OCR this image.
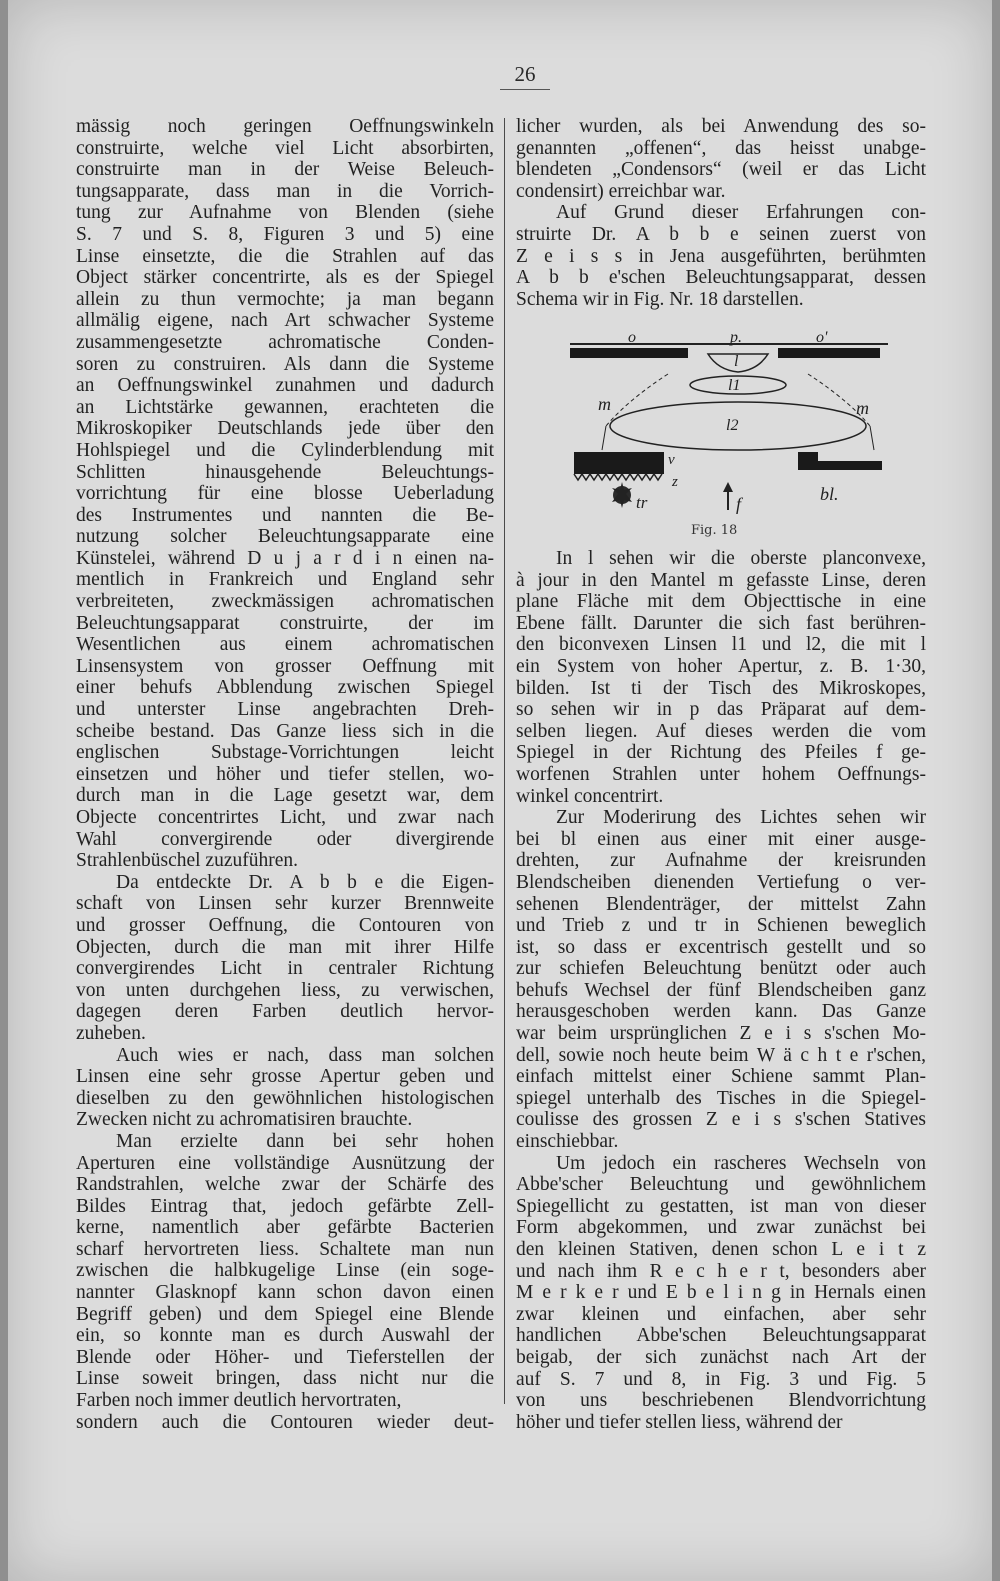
26
mässig noch geringen Oeffnungswinkeln
construirte, welche viel Licht absorbirten,
construirte man in der Weise Beleuch-
tungsapparate, dass man in die Vorrich-
tung zur Aufnahme von Blenden (siehe
S. 7 und S. 8, Figuren 3 und 5) eine
Linse einsetzte, die die Strahlen auf das
Object stärker concentrirte, als es der Spiegel
allein zu thun vermochte; ja man begann
allmälig eigene, nach Art schwacher Systeme
zusammengesetzte achromatische Conden-
soren zu construiren. Als dann die Systeme
an Oeffnungswinkel zunahmen und dadurch
an Lichtstärke gewannen, erachteten die
Mikroskopiker Deutschlands jede über den
Hohlspiegel und die Cylinderblendung mit
Schlitten hinausgehende Beleuchtungs-
vorrichtung für eine blosse Ueberladung
des Instrumentes und nannten die Be-
nutzung solcher Beleuchtungsapparate eine
Künstelei, während D u j a r d i n einen na-
mentlich in Frankreich und England sehr
verbreiteten, zweckmässigen achromatischen
Beleuchtungsapparat construirte, der im
Wesentlichen aus einem achromatischen
Linsensystem von grosser Oeffnung mit
einer behufs Abblendung zwischen Spiegel
und unterster Linse angebrachten Dreh-
scheibe bestand. Das Ganze liess sich in die
englischen Substage-Vorrichtungen leicht
einsetzen und höher und tiefer stellen, wo-
durch man in die Lage gesetzt war, dem
Objecte concentrirtes Licht, und zwar nach
Wahl convergirende oder divergirende
Strahlenbüschel zuzuführen.
Da entdeckte Dr. A b b e die Eigen-
schaft von Linsen sehr kurzer Brennweite
und grosser Oeffnung, die Contouren von
Objecten, durch die man mit ihrer Hilfe
convergirendes Licht in centraler Richtung
von unten durchgehen liess, zu verwischen,
dagegen deren Farben deutlich hervor-
zuheben.
Auch wies er nach, dass man solchen
Linsen eine sehr grosse Apertur geben und
dieselben zu den gewöhnlichen histologischen
Zwecken nicht zu achromatisiren brauchte.
Man erzielte dann bei sehr hohen
Aperturen eine vollständige Ausnützung der
Randstrahlen, welche zwar der Schärfe des
Bildes Eintrag that, jedoch gefärbte Zell-
kerne, namentlich aber gefärbte Bacterien
scharf hervortreten liess. Schaltete man nun
zwischen die halbkugelige Linse (ein soge-
nannter Glasknopf kann schon davon einen
Begriff geben) und dem Spiegel eine Blende
ein, so konnte man es durch Auswahl der
Blende oder Höher- und Tieferstellen der
Linse soweit bringen, dass nicht nur die
Farben noch immer deutlich hervortraten,
sondern auch die Contouren wieder deut-
licher wurden, als bei Anwendung des so-
genannten „offenen“, das heisst unabge-
blendeten „Condensors“ (weil er das Licht
condensirt) erreichbar war.
Auf Grund dieser Erfahrungen con-
struirte Dr. A b b e seinen zuerst von
Z e i s s in Jena ausgeführten, berühmten
A b b e'schen Beleuchtungsapparat, dessen
Schema wir in Fig. Nr. 18 darstellen.
o	p.	o'
l
l1
l2
m	m
v
z
tr	f	bl.
Fig. 18
In l sehen wir die oberste planconvexe,
à jour in den Mantel m gefasste Linse, deren
plane Fläche mit dem Objecttische in eine
Ebene fällt. Darunter die sich fast berühren-
den biconvexen Linsen l1 und l2, die mit l
ein System von hoher Apertur, z. B. 1·30,
bilden. Ist ti der Tisch des Mikroskopes,
so sehen wir in p das Präparat auf dem-
selben liegen. Auf dieses werden die vom
Spiegel in der Richtung des Pfeiles f ge-
worfenen Strahlen unter hohem Oeffnungs-
winkel concentrirt.
Zur Moderirung des Lichtes sehen wir
bei bl einen aus einer mit einer ausge-
drehten, zur Aufnahme der kreisrunden
Blendscheiben dienenden Vertiefung o ver-
sehenen Blendenträger, der mittelst Zahn
und Trieb z und tr in Schienen beweglich
ist, so dass er excentrisch gestellt und so
zur schiefen Beleuchtung benützt oder auch
behufs Wechsel der fünf Blendscheiben ganz
herausgeschoben werden kann. Das Ganze
war beim ursprünglichen Z e i s s'schen Mo-
dell, sowie noch heute beim W ä c h t e r'schen,
einfach mittelst einer Schiene sammt Plan-
spiegel unterhalb des Tisches in die Spiegel-
coulisse des grossen Z e i s s'schen Statives
einschiebbar.
Um jedoch ein rascheres Wechseln von
Abbe'scher Beleuchtung und gewöhnlichem
Spiegellicht zu gestatten, ist man von dieser
Form abgekommen, und zwar zunächst bei
den kleinen Stativen, denen schon L e i t z
und nach ihm R e c h e r t, besonders aber
M e r k e r und E b e l i n g in Hernals einen
zwar kleinen und einfachen, aber sehr
handlichen Abbe'schen Beleuchtungsapparat
beigab, der sich zunächst nach Art der
auf S. 7 und 8, in Fig. 3 und Fig. 5
von uns beschriebenen Blendvorrichtung
höher und tiefer stellen liess, während der
